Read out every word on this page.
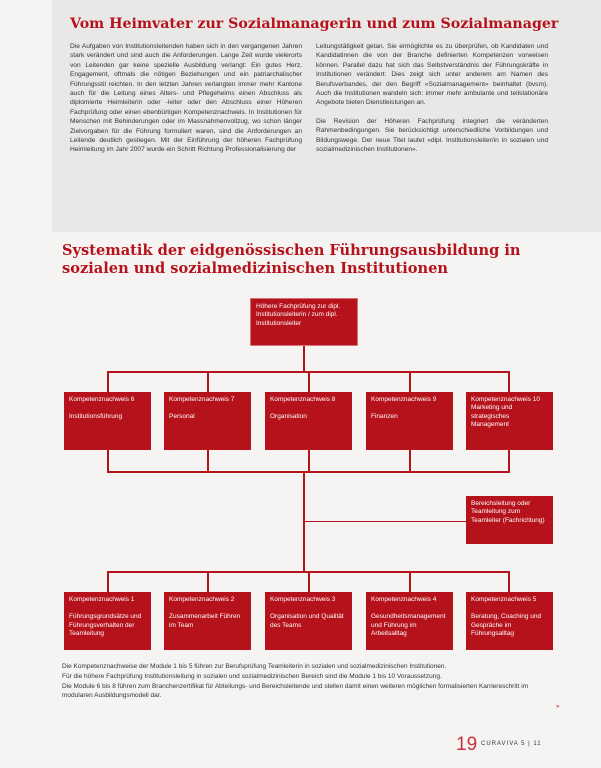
Vom Heimvater zur Sozialmanagerin und zum Sozialmanager

Die Aufgaben von Institutionsleitenden haben sich in den vergangenen Jahren stark verändert und sind auch die Anforderungen. Lange Zeit wurde vielerorts von Leitenden gar keine spezielle Ausbildung verlangt: Ein gutes Herz, Engagement, oftmals die nötigen Beziehungen und ein patriarchalischer Führungsstil reichten. In den letzten Jahren verlangten immer mehr Kantone auch für die Leitung eines Alters- und Pflegeheims einen Abschluss als diplomierte Heimleiterin oder -leiter oder den Abschluss einer Höheren Fachprüfung oder einen ebenbürtigen Kompetenznachweis. In Institutionen für Menschen mit Behinderungen oder im Massnahmenvollzug, wo schon länger Zielvorgaben für die Führung formuliert waren, sind die Anforderungen an Leitende deutlich gestiegen. Mit der Einführung der höheren Fachprüfung Heimleitung im Jahr 2007 wurde ein Schritt Richtung Professionalisierung der

Leitungstätigkeit getan. Sie ermöglichte es zu überprüfen, ob Kandidaten und Kandidatinnen die von der Branche definierten Kompetenzen vorweisen können. Parallel dazu hat sich das Selbstverständnis der Führungskräfte in Institutionen verändert: Dies zeigt sich unter anderem am Namen des Berufsverbandes, der den Begriff «Sozialmanagement» beinhaltet (bvsm). Auch die Institutionen wandeln sich: immer mehr ambulante und teilstationäre Angebote bieten Dienstleistungen an.

Die Revision der Höheren Fachprüfung integriert die veränderten Rahmenbedingungen. Sie berücksichtigt unterschiedliche Vorbildungen und Bildungswege. Der neue Titel lautet «dipl. Institutionsleiter/in in sozialen und sozialmedizinischen Institutionen».

Systematik der eidgenössischen Führungsausbildung in sozialen und sozialmedizinischen Institutionen
Höhere Fachprüfung zur dipl. Institutionsleiterin / zum dipl. Institutionsleiter
Kompetenznachweis 6
Institutionsführung
Kompetenznachweis 7
Personal
Kompetenznachweis 8
Organisation
Kompetenznachweis 9
Finanzen
Kompetenznachweis 10
Marketing und strategisches Management
Bereichsleitung oder Teamleitung zum Teamleiter (Fachrichtung)
Kompetenznachweis 1
Führungsgrundsätze und Führungsverhalten der Teamleitung
Kompetenznachweis 2
Zusammenarbeit Führen im Team
Kompetenznachweis 3
Organisation und Qualität des Teams
Kompetenznachweis 4
Gesundheitsmanagement und Führung im Arbeitsalltag
Kompetenznachweis 5
Beratung, Coaching und Gespräche im Führungsalltag
Die Kompetenznachweise der Module 1 bis 5 führen zur Berufsprüfung Teamleiterin in sozialen und sozialmedizinischen Institutionen.
Für die höhere Fachprüfung Institutionsleitung in sozialen und sozialmedizinischen Bereich sind die Module 1 bis 10 Voraussetzung.
Die Module 6 bis 8 führen zum Branchenzertifikat für Abteilungs- und Bereichsleitende und stellen damit einen weiteren möglichen formalisierten Karriereschritt im modularen Ausbildungsmodell dar.
»
19 CURAVIVA 5 | 11
